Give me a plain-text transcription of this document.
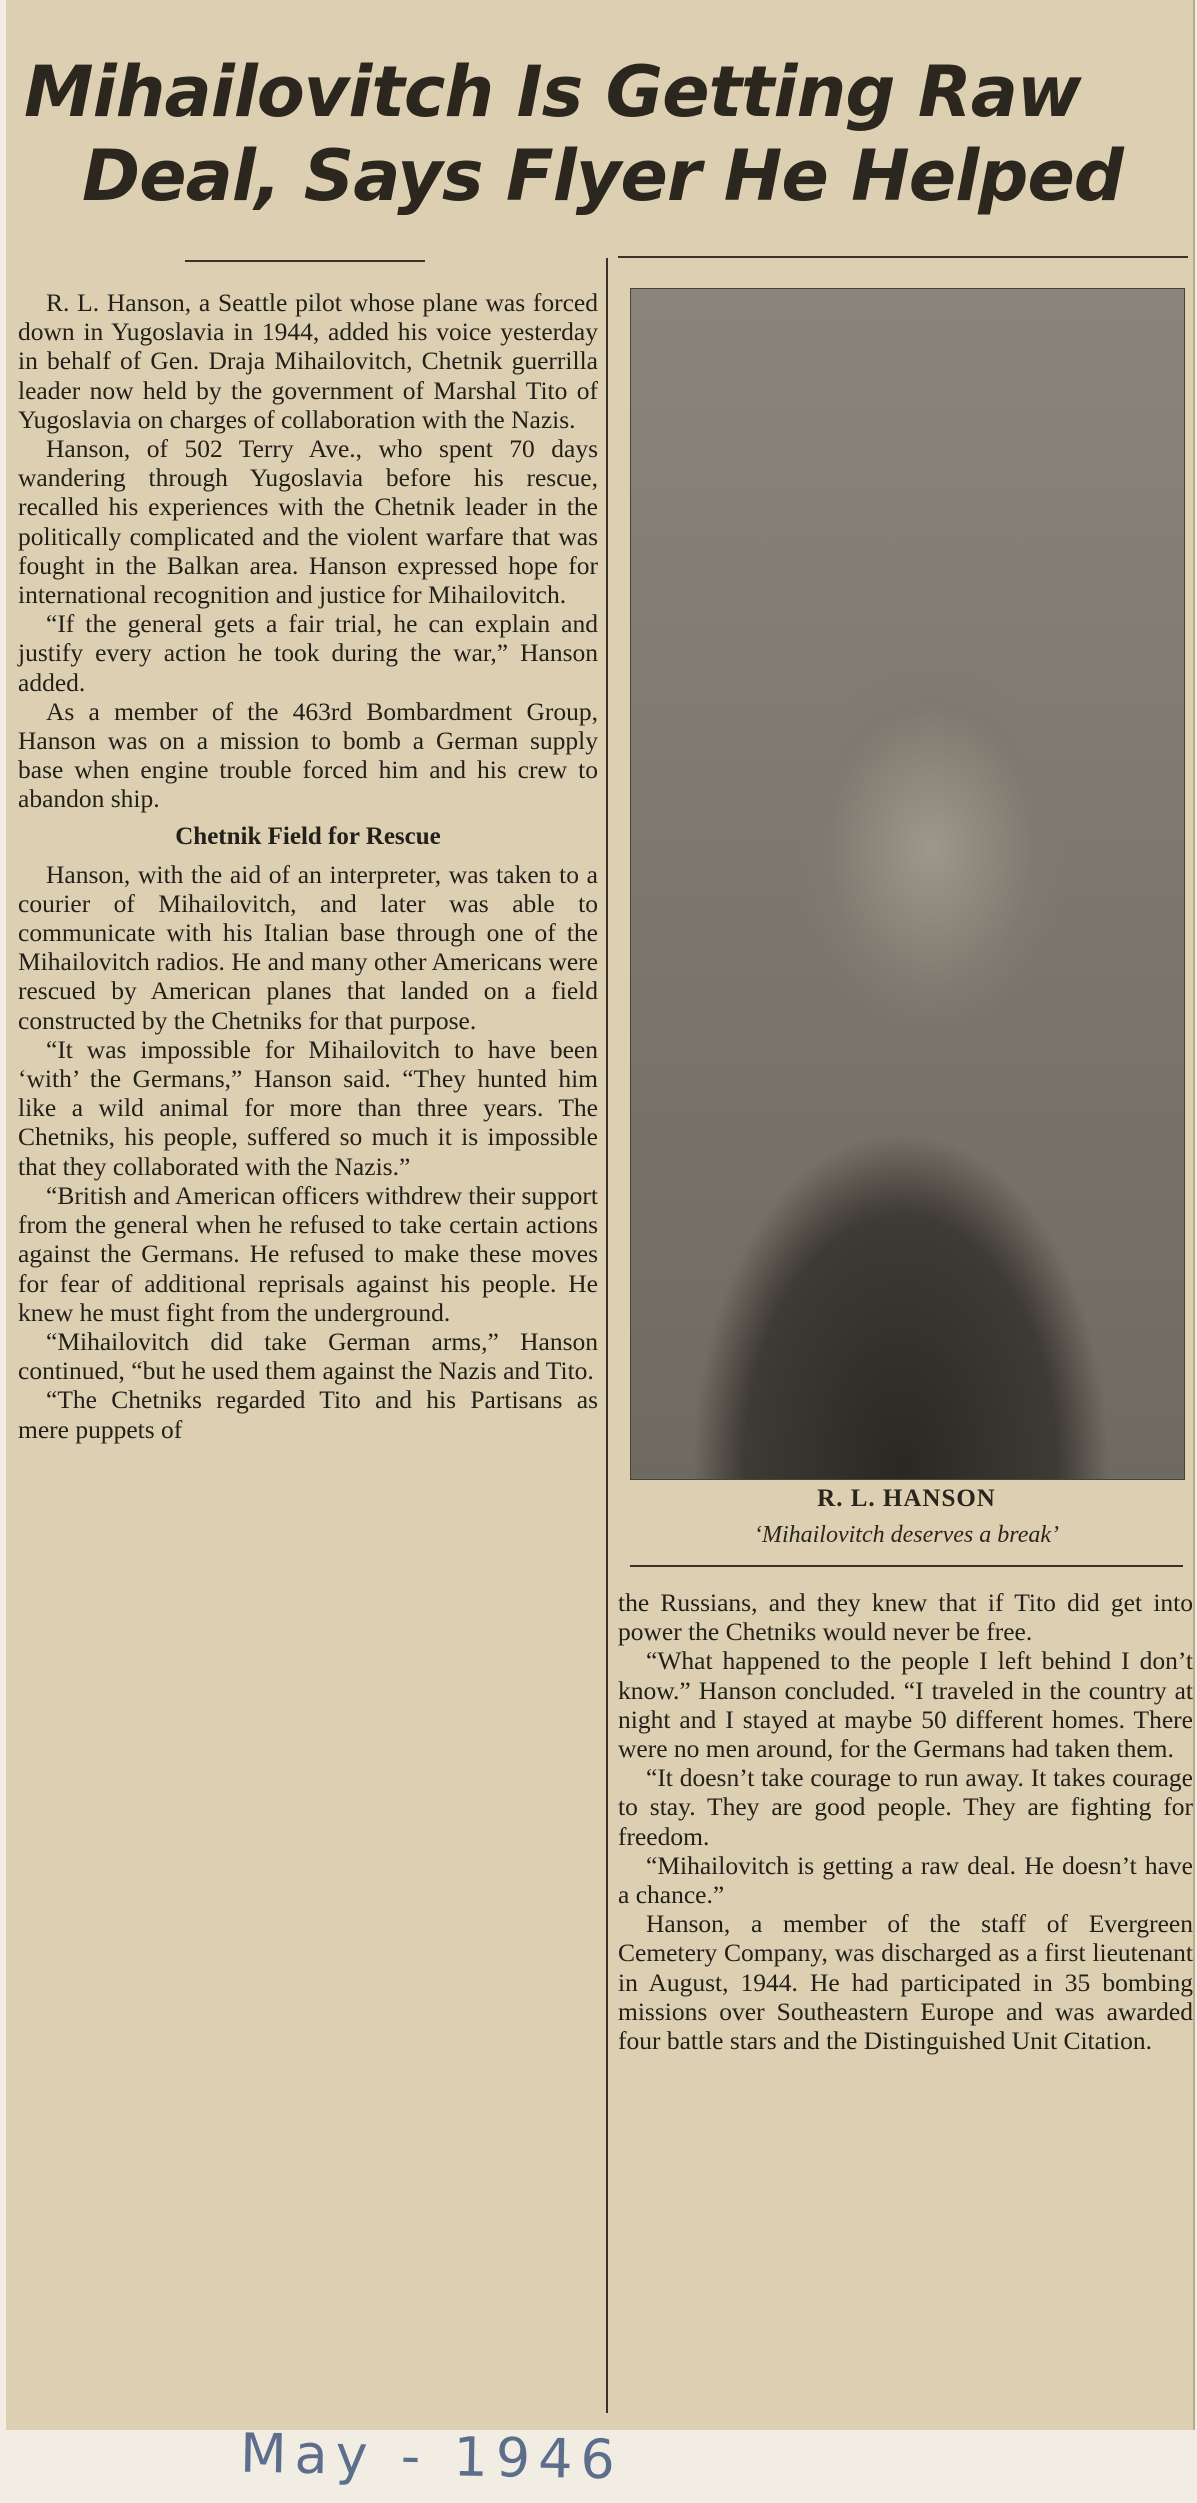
Mihailovitch Is Getting Raw
Deal, Says Flyer He Helped

R. L. Hanson, a Seattle pilot whose plane was forced down in Yugoslavia in 1944, added his voice yesterday in behalf of Gen. Draja Mihailovitch, Chetnik guerrilla leader now held by the government of Marshal Tito of Yugoslavia on charges of collaboration with the Nazis.

Hanson, of 502 Terry Ave., who spent 70 days wandering through Yugoslavia before his rescue, recalled his experiences with the Chetnik leader in the politically complicated and the violent warfare that was fought in the Balkan area. Hanson expressed hope for international recognition and justice for Mihailovitch.

“If the general gets a fair trial, he can explain and justify every action he took during the war,” Hanson added.

As a member of the 463rd Bombardment Group, Hanson was on a mission to bomb a German supply base when engine trouble forced him and his crew to abandon ship.

Chetnik Field for Rescue

Hanson, with the aid of an interpreter, was taken to a courier of Mihailovitch, and later was able to communicate with his Italian base through one of the Mihailovitch radios. He and many other Americans were rescued by American planes that landed on a field constructed by the Chetniks for that purpose.

“It was impossible for Mihailovitch to have been ‘with’ the Germans,” Hanson said. “They hunted him like a wild animal for more than three years. The Chetniks, his people, suffered so much it is impossible that they collaborated with the Nazis.”

“British and American officers withdrew their support from the general when he refused to take certain actions against the Germans. He refused to make these moves for fear of additional reprisals against his people. He knew he must fight from the underground.

“Mihailovitch did take German arms,” Hanson continued, “but he used them against the Nazis and Tito.

“The Chetniks regarded Tito and his Partisans as mere puppets of

R. L. HANSON

‘Mihailovitch deserves a break’

the Russians, and they knew that if Tito did get into power the Chetniks would never be free.

“What happened to the people I left behind I don’t know.” Hanson concluded. “I traveled in the country at night and I stayed at maybe 50 different homes. There were no men around, for the Germans had taken them.

“It doesn’t take courage to run away. It takes courage to stay. They are good people. They are fighting for freedom.

“Mihailovitch is getting a raw deal. He doesn’t have a chance.”

Hanson, a member of the staff of Evergreen Cemetery Company, was discharged as a first lieutenant in August, 1944. He had participated in 35 bombing missions over Southeastern Europe and was awarded four battle stars and the Distinguished Unit Citation.

May - 1946
